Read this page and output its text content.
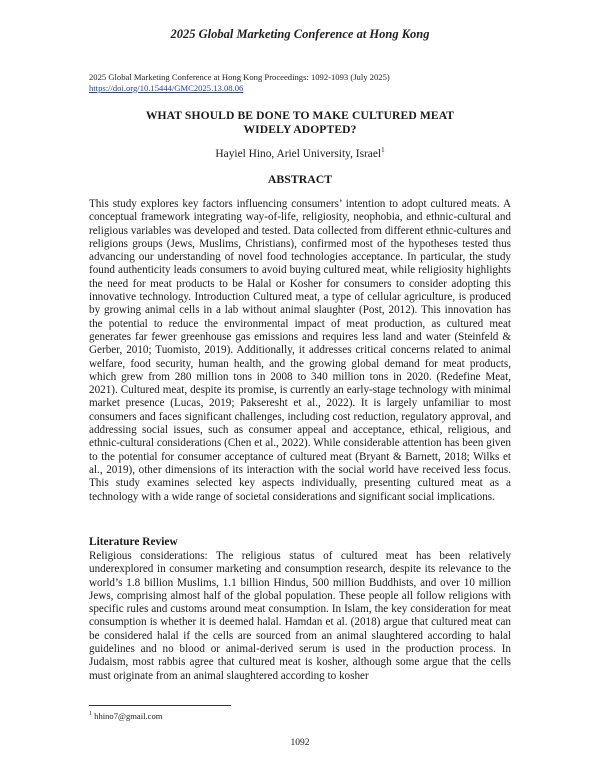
2025 Global Marketing Conference at Hong Kong
2025 Global Marketing Conference at Hong Kong Proceedings: 1092-1093 (July 2025)
https://doi.org/10.15444/GMC2025.13.08.06
WHAT SHOULD BE DONE TO MAKE CULTURED MEAT
WIDELY ADOPTED?
Hayiel Hino, Ariel University, Israel$^1$
ABSTRACT

This study explores key factors influencing consumers’ intention to adopt cultured meats. A conceptual framework integrating way-of-life, religiosity, neophobia, and ethnic-cultural and religious variables was developed and tested. Data collected from different ethnic-cultures and religions groups (Jews, Muslims, Christians), confirmed most of the hypotheses tested thus advancing our understanding of novel food technologies acceptance. In particular, the study found authenticity leads consumers to avoid buying cultured meat, while religiosity highlights the need for meat products to be Halal or Kosher for consumers to consider adopting this innovative technology. Introduction Cultured meat, a type of cellular agriculture, is produced by growing animal cells in a lab without animal slaughter (Post, 2012). This innovation has the potential to reduce the environmental impact of meat production, as cultured meat generates far fewer greenhouse gas emissions and requires less land and water (Steinfeld & Gerber, 2010; Tuomisto, 2019). Additionally, it addresses critical concerns related to animal welfare, food security, human health, and the growing global demand for meat products, which grew from 280 million tons in 2008 to 340 million tons in 2020. (Redefine Meat, 2021). Cultured meat, despite its promise, is currently an early-stage technology with minimal market presence (Lucas, 2019; Pakseresht et al., 2022). It is largely unfamiliar to most consumers and faces significant challenges, including cost reduction, regulatory approval, and addressing social issues, such as consumer appeal and acceptance, ethical, religious, and ethnic-cultural considerations (Chen et al., 2022). While considerable attention has been given to the potential for consumer acceptance of cultured meat (Bryant & Barnett, 2018; Wilks et al., 2019), other dimensions of its interaction with the social world have received less focus. This study examines selected key aspects individually, presenting cultured meat as a technology with a wide range of societal considerations and significant social implications.

Literature Review

Religious considerations: The religious status of cultured meat has been relatively underexplored in consumer marketing and consumption research, despite its relevance to the world’s 1.8 billion Muslims, 1.1 billion Hindus, 500 million Buddhists, and over 10 million Jews, comprising almost half of the global population. These people all follow religions with specific rules and customs around meat consumption. In Islam, the key consideration for meat consumption is whether it is deemed halal. Hamdan et al. (2018) argue that cultured meat can be considered halal if the cells are sourced from an animal slaughtered according to halal guidelines and no blood or animal-derived serum is used in the production process. In Judaism, most rabbis agree that cultured meat is kosher, although some argue that the cells must originate from an animal slaughtered according to kosher

$^1$ hhino7@gmail.com
1092
